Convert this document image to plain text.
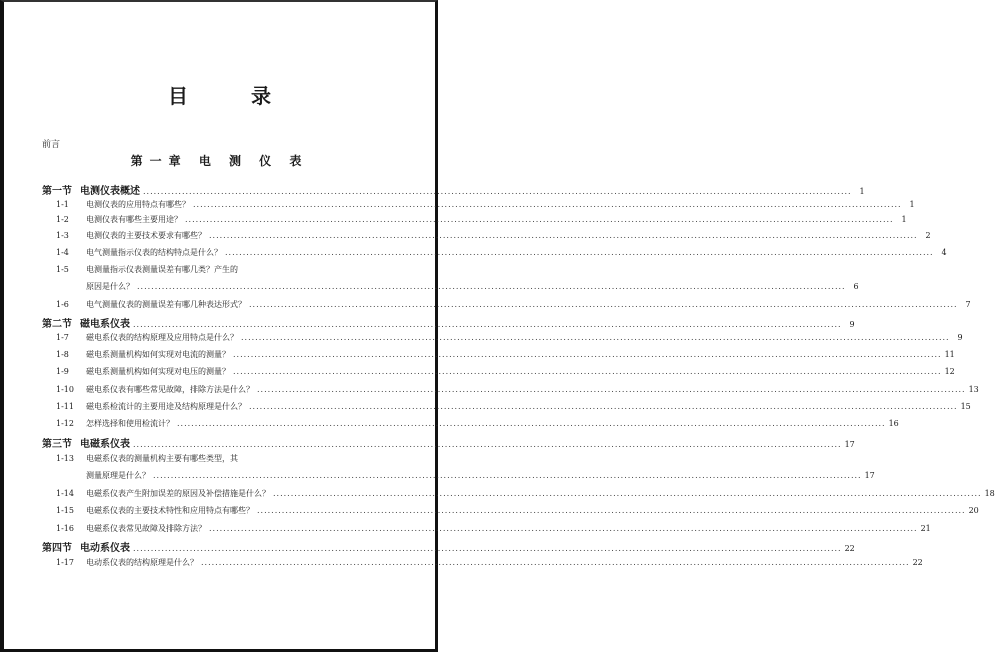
目 录
前言
第一章 电 测 仪 表
第一节 电测仪表概述 ........................................................................................................................................................................................................ 1
1-1	电测仪表的应用特点有哪些？ ........................................................................................................................................................................................................ 1
1-2	电测仪表有哪些主要用途？ ........................................................................................................................................................................................................ 1
1-3	电测仪表的主要技术要求有哪些？ ........................................................................................................................................................................................................ 2
1-4	电气测量指示仪表的结构特点是什么？ ........................................................................................................................................................................................................ 4
1-5	电测量指示仪表测量误差有哪几类？产生的
原因是什么？ ........................................................................................................................................................................................................ 6
1-6	电气测量仪表的测量误差有哪几种表达形式？ ........................................................................................................................................................................................................ 7
第二节 磁电系仪表 ........................................................................................................................................................................................................ 9
1-7	磁电系仪表的结构原理及应用特点是什么？ ........................................................................................................................................................................................................ 9
1-8	磁电系测量机构如何实现对电流的测量？ ........................................................................................................................................................................................................ 11
1-9	磁电系测量机构如何实现对电压的测量？ ........................................................................................................................................................................................................ 12
1-10	磁电系仪表有哪些常见故障，排除方法是什么？ ........................................................................................................................................................................................................ 13
1-11	磁电系检流计的主要用途及结构原理是什么？ ........................................................................................................................................................................................................ 15
1-12	怎样选择和使用检流计？ ........................................................................................................................................................................................................ 16
第三节 电磁系仪表 ........................................................................................................................................................................................................ 17
1-13	电磁系仪表的测量机构主要有哪些类型，其
测量原理是什么？ ........................................................................................................................................................................................................ 17
1-14	电磁系仪表产生附加误差的原因及补偿措施是什么？ ........................................................................................................................................................................................................ 18
1-15	电磁系仪表的主要技术特性和应用特点有哪些？ ........................................................................................................................................................................................................ 20
1-16	电磁系仪表常见故障及排除方法？ ........................................................................................................................................................................................................ 21
第四节 电动系仪表 ........................................................................................................................................................................................................ 22
1-17	电动系仪表的结构原理是什么？ ........................................................................................................................................................................................................ 22
